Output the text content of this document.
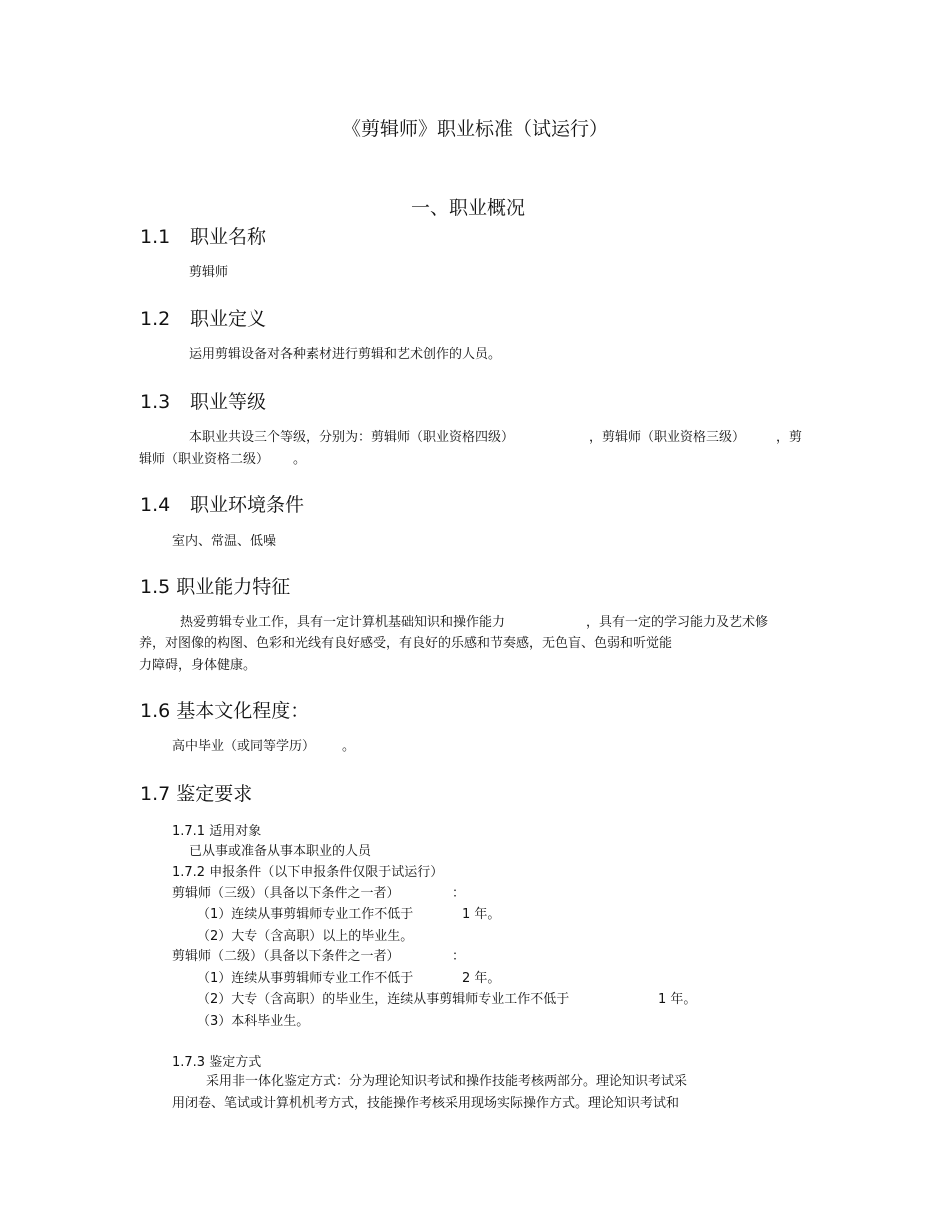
《剪辑师》职业标准（试运行）
一、职业概况
1.1 职业名称
剪辑师
1.2 职业定义
运用剪辑设备对各种素材进行剪辑和艺术创作的人员。
1.3 职业等级
本职业共设三个等级，分别为：剪辑师（职业资格四级）	，剪辑师（职业资格三级） ，剪
辑师（职业资格二级） 。
1.4 职业环境条件
室内、常温、低噪
1.5 职业能力特征
热爱剪辑专业工作，具有一定计算机基础知识和操作能力	，具有一定的学习能力及艺术修
养，对图像的构图、色彩和光线有良好感受，有良好的乐感和节奏感，无色盲、色弱和听觉能
力障碍，身体健康。
1.6 基本文化程度：
高中毕业（或同等学历） 。
1.7 鉴定要求
1.7.1 适用对象
已从事或准备从事本职业的人员
1.7.2 申报条件（以下申报条件仅限于试运行）
剪辑师（三级）（具备以下条件之一者）	：
（1）连续从事剪辑师专业工作不低于	1 年。
（2）大专（含高职）以上的毕业生。
剪辑师（二级）（具备以下条件之一者）	：
（1）连续从事剪辑师专业工作不低于	2 年。
（2）大专（含高职）的毕业生，连续从事剪辑师专业工作不低于	1 年。
（3）本科毕业生。
1.7.3 鉴定方式
采用非一体化鉴定方式：分为理论知识考试和操作技能考核两部分。理论知识考试采
用闭卷、笔试或计算机机考方式，技能操作考核采用现场实际操作方式。理论知识考试和
